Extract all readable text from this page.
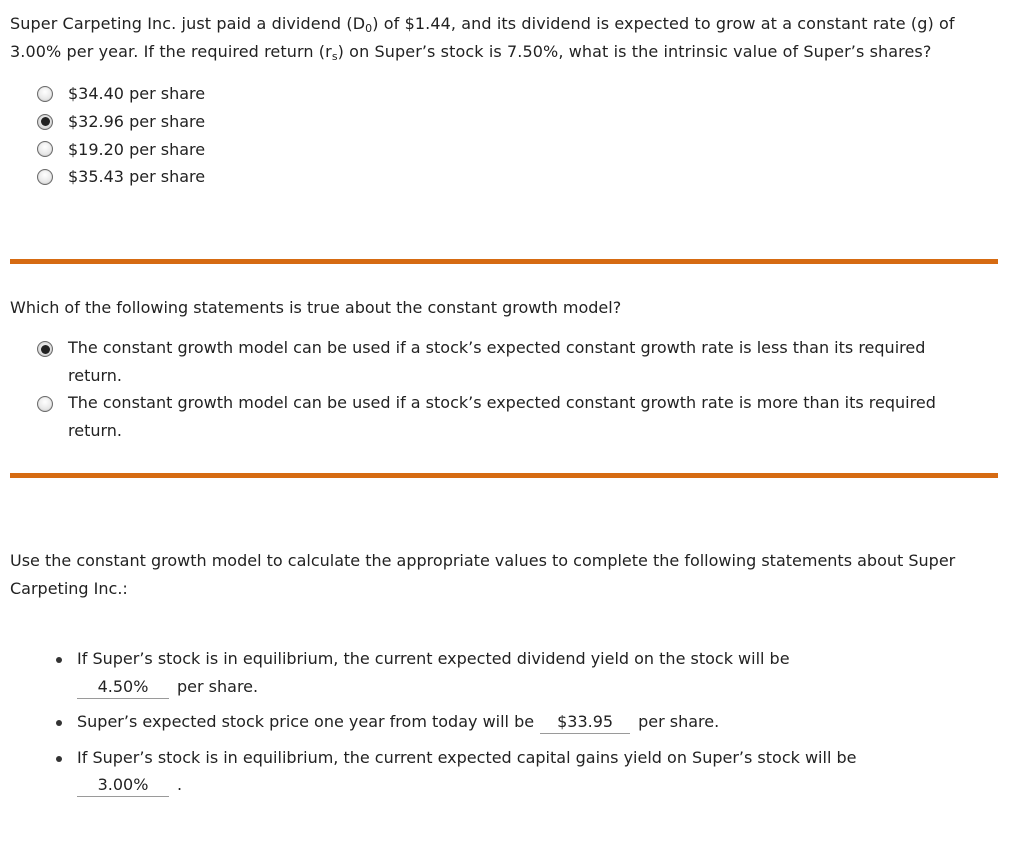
Super Carpeting Inc. just paid a dividend $(D_0)$ of $1.44, and its dividend is expected to grow at a constant rate (g) of 3.00% per year. If the required return $(r_s)$ on Super’s stock is 7.50%, what is the intrinsic value of Super’s shares?
$34.40 per share
$32.96 per share
$19.20 per share
$35.43 per share
Which of the following statements is true about the constant growth model?
The constant growth model can be used if a stock’s expected constant growth rate is less than its required return.
The constant growth model can be used if a stock’s expected constant growth rate is more than its required return.
Use the constant growth model to calculate the appropriate values to complete the following statements about Super Carpeting Inc.:
If Super’s stock is in equilibrium, the current expected dividend yield on the stock will be
4.50% per share.
Super’s expected stock price one year from today will be $33.95 per share.
If Super’s stock is in equilibrium, the current expected capital gains yield on Super’s stock will be
3.00% .
